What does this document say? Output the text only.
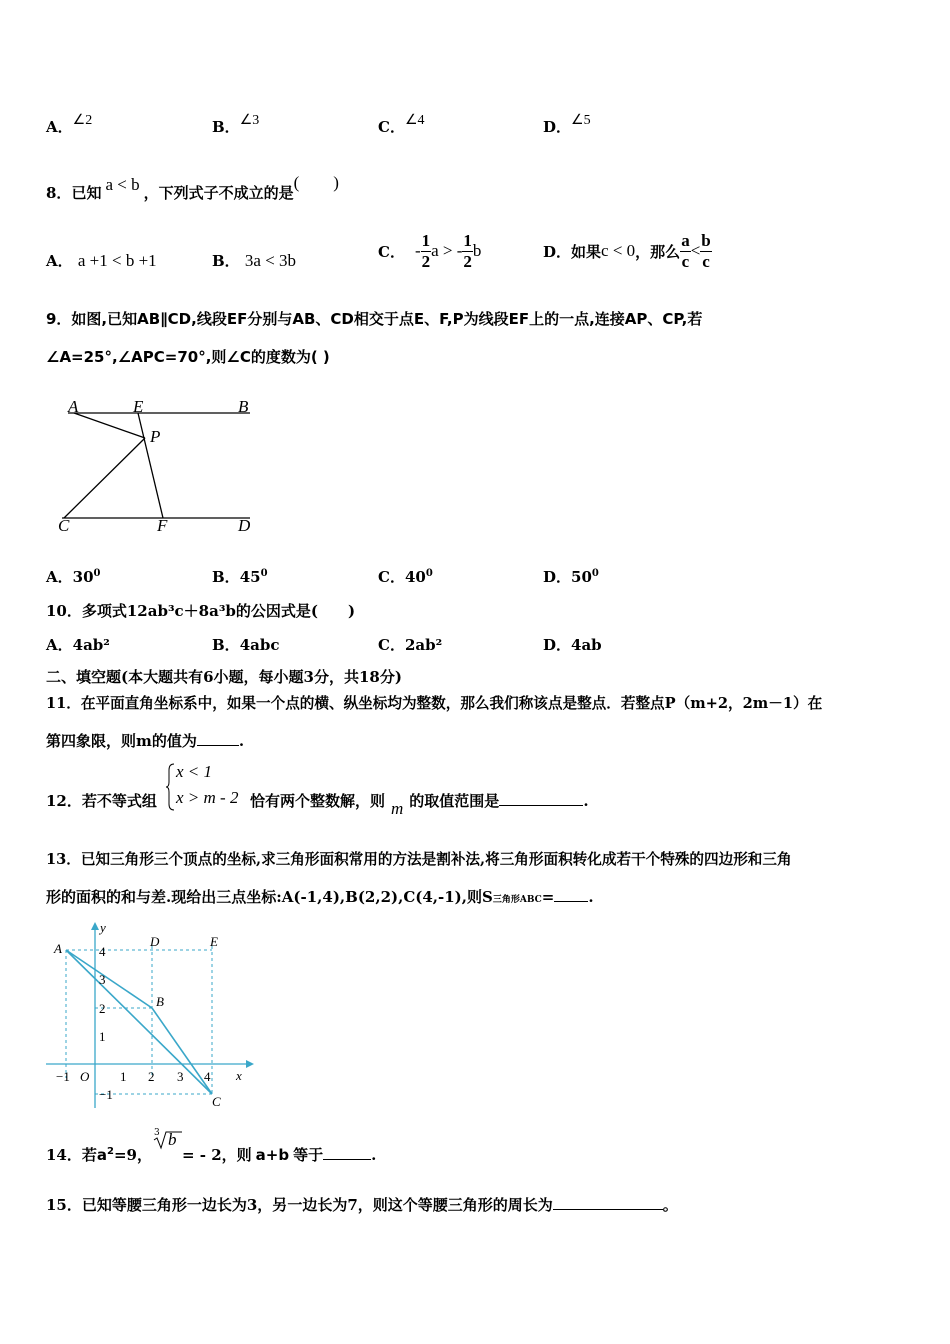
A．∠2	B．∠3	C．∠4	D．∠5
8．已知 a < b ，下列式子不成立的是(　　)
A． a +1 < b +1	B． 3a < 3b	C． - $\frac{1}{2}$ a > - $\frac{1}{2}$ b	D． 如果 c < 0 ，那么 $\frac{a}{c} < \frac{b}{c}$
9．如图,已知AB∥CD,线段EF分别与AB、CD相交于点E、F,P为线段EF上的一点,连接AP、CP,若
∠A=25°,∠APC=70°,则∠C的度数为( )
A	E	B
P
C	F	D
A．$30^0$	B．$45^0$	C．$40^0$	D．$50^0$
10．多项式12ab³c＋8a³b的公因式是(　　)
A．4ab²	B．4abc	C．2ab²	D．4ab
二、填空题(本大题共有6小题，每小题3分，共18分)
11．在平面直角坐标系中，如果一个点的横、纵坐标均为整数，那么我们称该点是整点．若整点P（m+2，2m－1）在
第四象限，则m的值为	.
12．若不等式组
x < 1
x > m - 2 恰有两个整数解，则 m 的取值范围是	.
13．已知三角形三个顶点的坐标,求三角形面积常用的方法是割补法,将三角形面积转化成若干个特殊的四边形和三角
形的面积的和与差.现给出三点坐标:A(-1,4),B(2,2),C(4,-1),则S三角形ABC= .
y
x
O
−1	1 2 3 4
4
3
2
1
−1
A
B
C
D	E
14．若$a^2=9$，
3 b
= - 2，则 a+b 等于	.
15．已知等腰三角形一边长为3，另一边长为7，则这个等腰三角形的周长为	。
